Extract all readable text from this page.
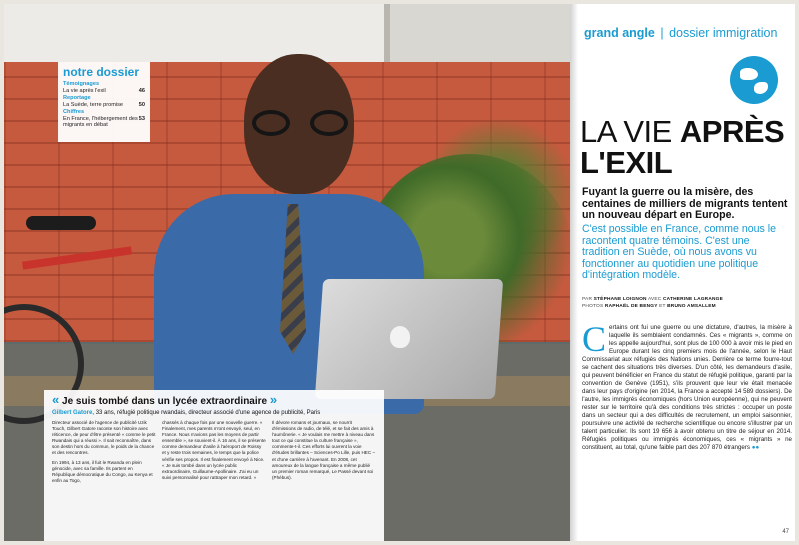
notre dossier
Témoignages
La vie après l'exil	46
Reportage
La Suède, terre promise	50
Chiffres
En France, l'hébergement des migrants en débat
53
« Je suis tombé dans un lycée extraordinaire »
Gilbert Gatore, 33 ans, réfugié politique rwandais, directeur associé d'une agence de publicité, Paris

Directeur associé de l'agence de publicité Uzik Touch, Gilbert Gatore raconte son histoire avec réticence, de peur d'être présenté « comme le petit Rwandais qui a réussi ». Il sait reconnaître, dans son destin hors du commun, le poids de la chance et des rencontres.

En 1994, à 13 ans, il fuit le Rwanda en plein génocide, avec sa famille. Ils partent en République démocratique du Congo, au Kenya et enfin au Togo,

chassés à chaque fois par une nouvelle guerre. « Finalement, mes parents m'ont envoyé, seul, en France. Nous n'avions pas les moyens de partir ensemble », se souvient-il. À 16 ans, il se présente comme demandeur d'asile à l'aéroport de Roissy et y reste trois semaines, le temps que la police vérifie ses propos. Il est finalement envoyé à Nice. « Je suis tombé dans un lycée public extraordinaire, Guillaume-Apollinaire. J'ai eu un suivi personnalisé pour rattraper mon retard. »

Il dévore romans et journaux, se nourrit d'émissions de radio, de télé, et se fait des amis à l'aumônerie. « Je voulais me mettre à niveau dans tout ce qui constitue la culture française », commente-t-il. Ces efforts lui ouvrent la voie d'études brillantes – Sciences-Po Lille, puis HEC – et d'une carrière à l'avenant. En 2008, cet amoureux de la langue française a même publié un premier roman remarqué, Le Passé devant soi (Phébus).

grand angle | dossier immigration
LA VIE APRÈS
L'EXIL
Fuyant la guerre ou la misère, des centaines de milliers de migrants tentent un nouveau départ en Europe.
C'est possible en France, comme nous le racontent quatre témoins. C'est une tradition en Suède, où nous avons vu fonctionner au quotidien une politique d'intégration modèle.
PAR STÉPHANE LOIGNON AVEC CATHERINE LAGRANGE
PHOTOS RAPHAËL DE BENGY ET BRUNO AMSALLEM
Certains ont fui une guerre ou une dictature, d'autres, la misère à laquelle ils semblaient condamnés. Ces « migrants », comme on les appelle aujourd'hui, sont plus de 100 000 à avoir mis le pied en Europe durant les cinq premiers mois de l'année, selon le Haut Commissariat aux réfugiés des Nations unies. Derrière ce terme fourre-tout se cachent des situations très diverses. D'un côté, les demandeurs d'asile, qui peuvent bénéficier en France du statut de réfugié politique, garanti par la convention de Genève (1951), s'ils prouvent que leur vie était menacée dans leur pays d'origine (en 2014, la France a accepté 14 589 dossiers). De l'autre, les immigrés économiques (hors Union européenne), qui ne peuvent rester sur le territoire qu'à des conditions très strictes : occuper un poste dans un secteur qui a des difficultés de recrutement, un emploi saisonnier, poursuivre une activité de recherche scientifique ou encore s'illustrer par un talent particulier. Ils sont 19 656 à avoir obtenu un titre de séjour en 2014. Réfugiés politiques ou immigrés économiques, ces « migrants » ne constituent, au total, qu'une faible part des 207 870 étrangers ●●
47
